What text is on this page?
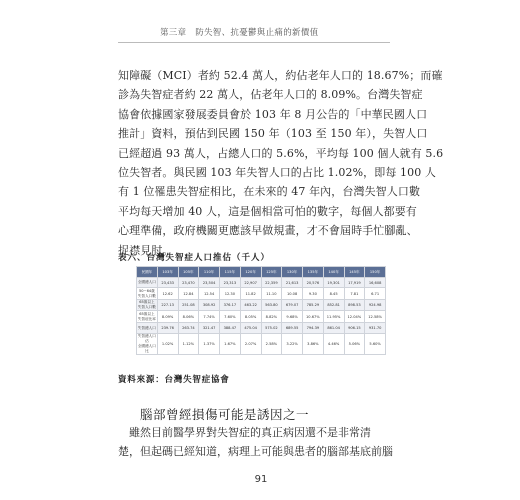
第三章　防失智、抗憂鬱與止痛的新價值
知障礙（MCI）者約 52.4 萬人，約佔老年人口的 18.67%；而確
診為失智症者約 22 萬人，佔老年人口的 8.09%。台灣失智症
協會依據國家發展委員會於 103 年 8 月公告的「中華民國人口
推計」資料，預估到民國 150 年（103 至 150 年），失智人口
已經超過 93 萬人，占總人口的 5.6%，平均每 100 個人就有 5.6
位失智者。與民國 103 年失智人口的占比 1.02%，即每 100 人
有 1 位罹患失智症相比，在未來的 47 年內，台灣失智人口數
平均每天增加 40 人，這是個相當可怕的數字，每個人都要有
心理準備，政府機關更應該早做規畫，才不會屆時手忙腳亂、
捉襟見肘。
表六、台灣失智症人口推估（千人）
民國年	103年	105年	110年	115年	120年	125年	130年	135年	140年	145年	150年
全國總人口	23,433	23,470	23,504	23,313	22,907	22,359	21,613	20,576	19,301	17,919	16,608
50~64歲
失智人口數	12.62	12.84	12.54	12.30	11.82	11.10	10.08	9.30	8.45	7.81	6.71
65歲以上
失智人口數	227.13	251.08	308.92	376.17	463.22	563.80	679.07	785.29	852.81	898.53	924.98
65歲以上
失智症比率	8.09%	8.06%	7.74%	7.60%	8.05%	8.82%	9.68%	10.67%	11.95%	12.04%	12.58%
失智總人口	239.76	263.74	321.47	388.47	475.04	575.02	689.55	794.39	861.04	906.15	931.70
失智總人口佔
全國總人口比	1.02%	1.12%	1.37%	1.67%	2.07%	2.58%	3.22%	3.86%	4.46%	5.06%	5.60%
資料來源：台灣失智症協會
腦部曾經損傷可能是誘因之一
　雖然目前醫學界對失智症的真正病因還不是非常清
楚，但起碼已經知道，病理上可能與患者的腦部基底前腦
91
